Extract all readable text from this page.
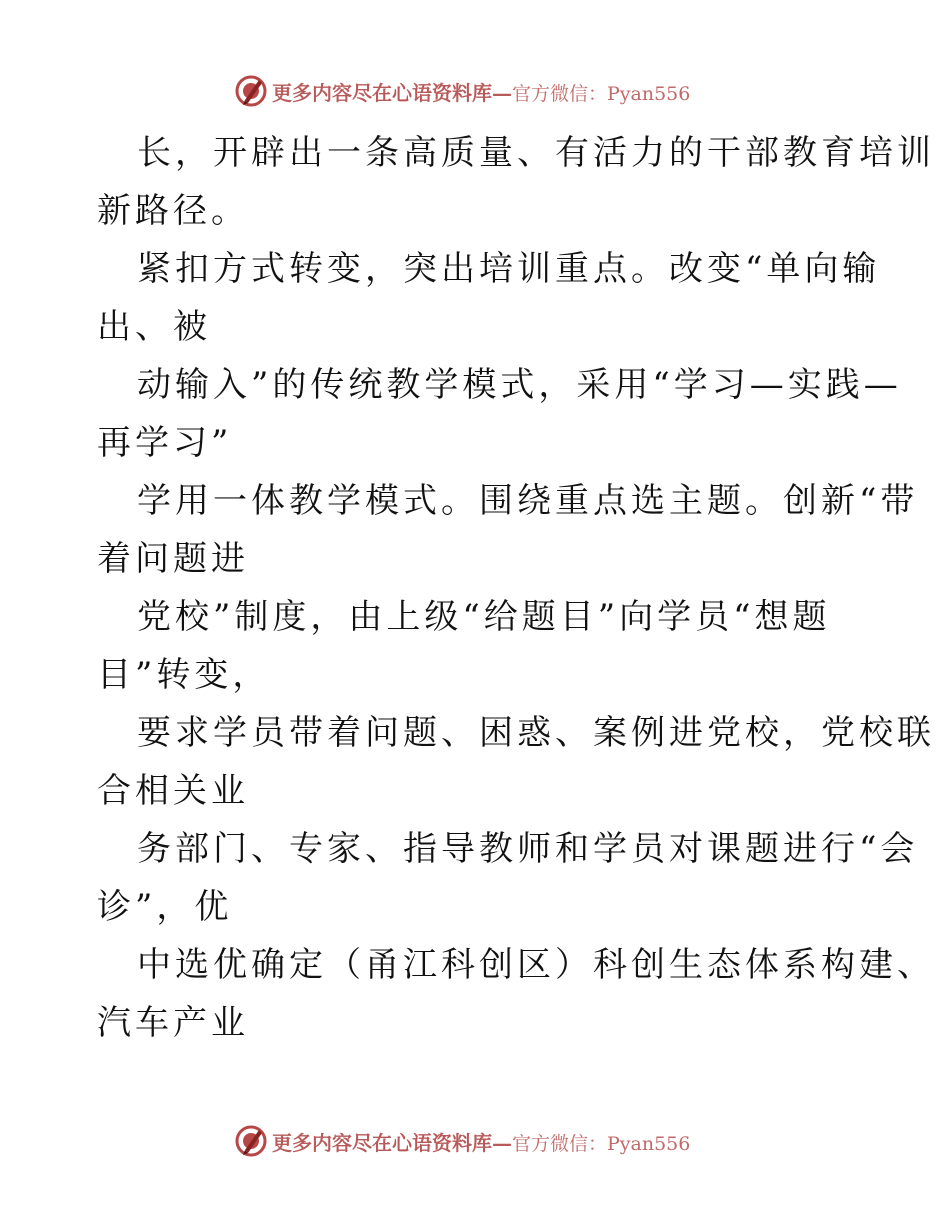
更多内容尽在心语资料库—官方微信：Pyan556
长，开辟出一条高质量、有活力的干部教育培训
新路径。
紧扣方式转变，突出培训重点。改变“单向输
出、被
动输入”的传统教学模式，采用“学习—实践—
再学习”
学用一体教学模式。围绕重点选主题。创新“带
着问题进
党校”制度，由上级“给题目”向学员“想题
目”转变，
要求学员带着问题、困惑、案例进党校，党校联
合相关业
务部门、专家、指导教师和学员对课题进行“会
诊”，优
中选优确定（甬江科创区）科创生态体系构建、
汽车产业
更多内容尽在心语资料库—官方微信：Pyan556
